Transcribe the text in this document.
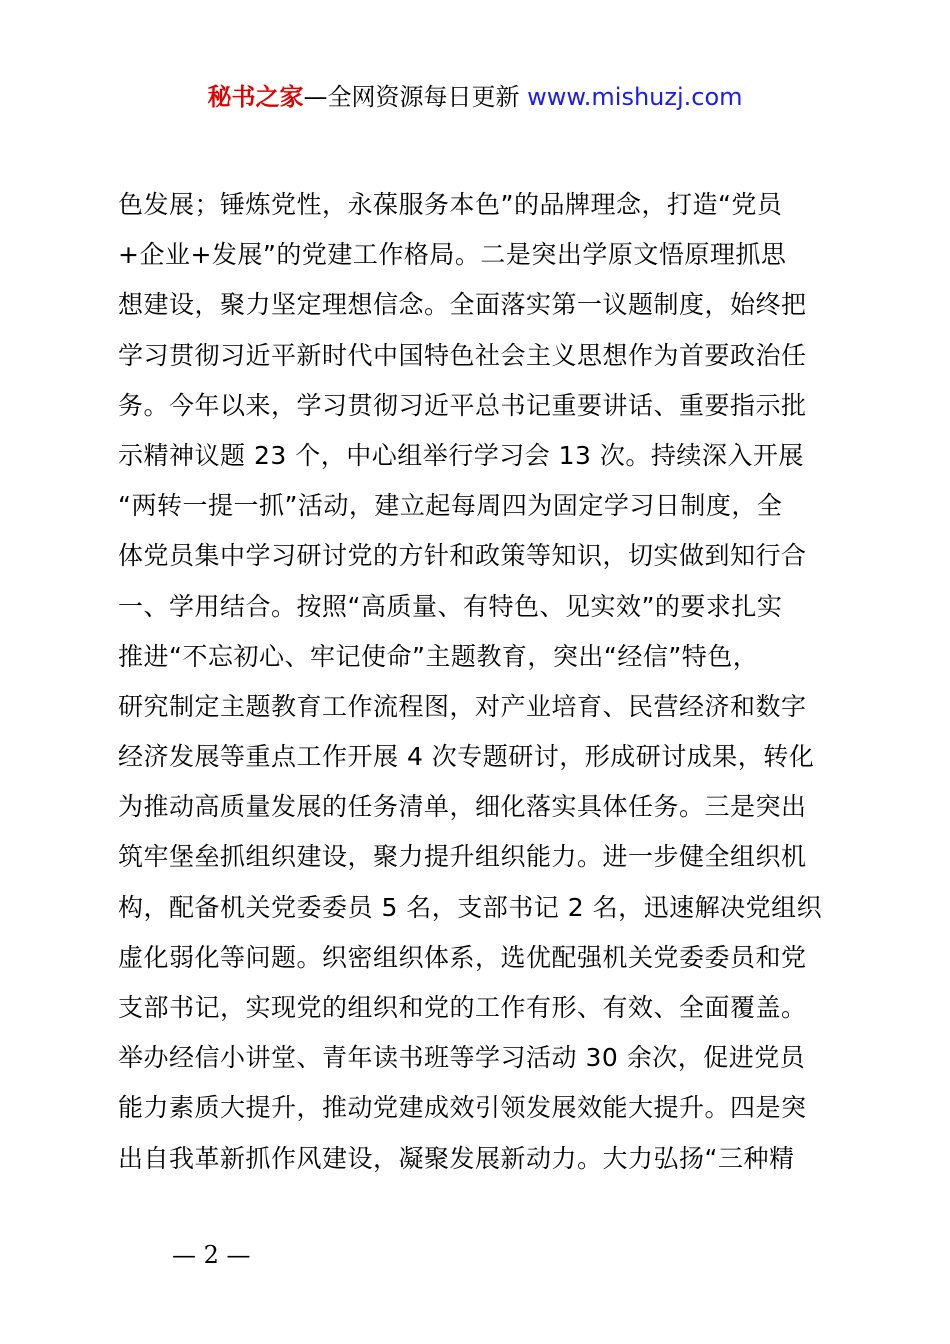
秘书之家—全网资源每日更新 www.mishuzj.com
色发展；锤炼党性，永葆服务本色”的品牌理念，打造“党员
+企业+发展”的党建工作格局。二是突出学原文悟原理抓思
想建设，聚力坚定理想信念。全面落实第一议题制度，始终把
学习贯彻习近平新时代中国特色社会主义思想作为首要政治任
务。今年以来，学习贯彻习近平总书记重要讲话、重要指示批
示精神议题 23 个，中心组举行学习会 13 次。持续深入开展
“两转一提一抓”活动，建立起每周四为固定学习日制度，全
体党员集中学习研讨党的方针和政策等知识，切实做到知行合
一、学用结合。按照“高质量、有特色、见实效”的要求扎实
推进“不忘初心、牢记使命”主题教育，突出“经信”特色，
研究制定主题教育工作流程图，对产业培育、民营经济和数字
经济发展等重点工作开展 4 次专题研讨，形成研讨成果，转化
为推动高质量发展的任务清单，细化落实具体任务。三是突出
筑牢堡垒抓组织建设，聚力提升组织能力。进一步健全组织机
构，配备机关党委委员 5 名，支部书记 2 名，迅速解决党组织
虚化弱化等问题。织密组织体系，选优配强机关党委委员和党
支部书记，实现党的组织和党的工作有形、有效、全面覆盖。
举办经信小讲堂、青年读书班等学习活动 30 余次，促进党员
能力素质大提升，推动党建成效引领发展效能大提升。四是突
出自我革新抓作风建设，凝聚发展新动力。大力弘扬“三种精
— 2 —
